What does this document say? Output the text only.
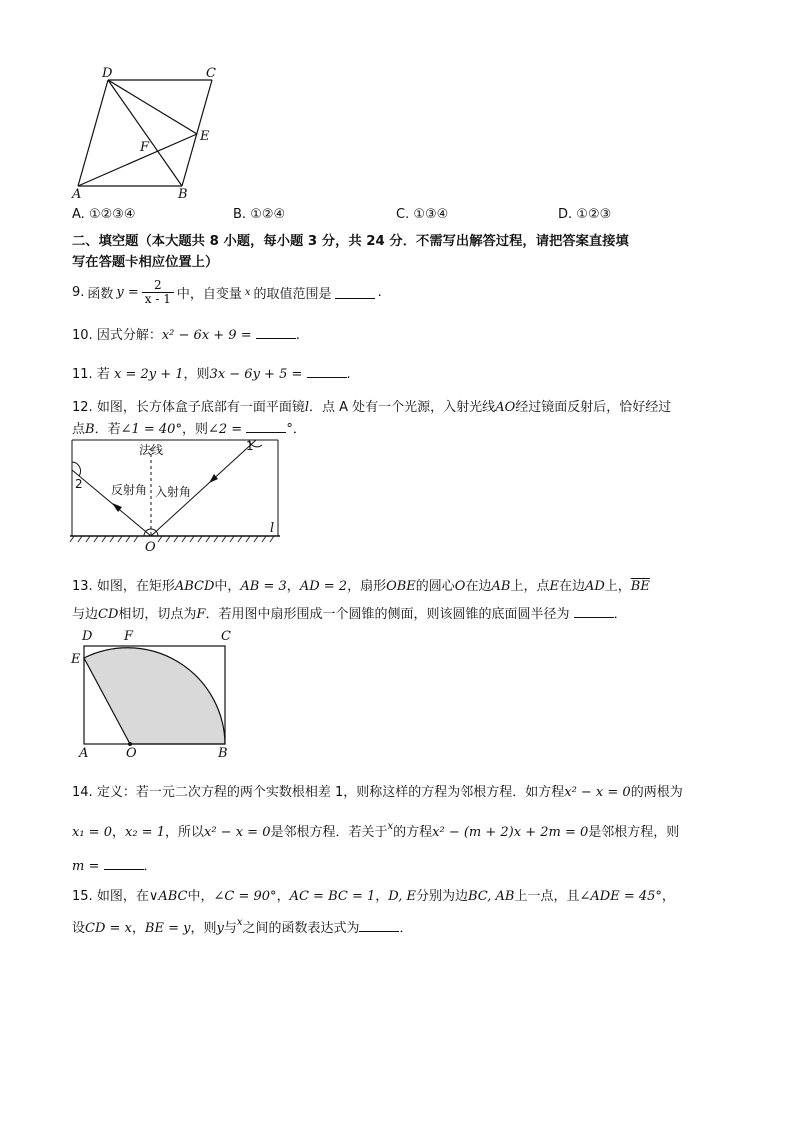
D	C
E
F
A	B
A. ①②③④	B. ①②④	C. ①③④	D. ①②③
二、填空题（本大题共 8 小题，每小题 3 分，共 24 分．不需写出解答过程，请把答案直接填
写在答题卡相应位置上）
9. 函数 $y = \frac{2}{x - 1}$ 中，自变量 x 的取值范围是	.
10. 因式分解：x² − 6x + 9 =	.
11. 若 x = 2y + 1，则3x − 6y + 5 =	.
12. 如图，长方体盒子底部有一面平面镜l．点 A 处有一个光源，入射光线AO经过镜面反射后，恰好经过
点B．若∠1 = 40°，则∠2 =	°．
法线
反射角 入射角
1
2
O
l
13. 如图，在矩形ABCD中，AB = 3，AD = 2，扇形OBE的圆心O在边AB上，点E在边AD上，$\overline{BE}$
与边CD相切，切点为F．若用图中扇形围成一个圆锥的侧面，则该圆锥的底面圆半径为	．
D F	C
E
A	O	B
14. 定义：若一元二次方程的两个实数根相差 1，则称这样的方程为邻根方程．如方程x² − x = 0的两根为
x₁ = 0，x₂ = 1，所以x² − x = 0是邻根方程．若关于$^x$的方程x² − (m + 2)x + 2m = 0是邻根方程，则
m =	．
15. 如图，在∨ABC中，∠C = 90°，AC = BC = 1，D, E分别为边BC, AB上一点，且∠ADE = 45°，
设CD = x，BE = y，则y与$^x$之间的函数表达式为	．
